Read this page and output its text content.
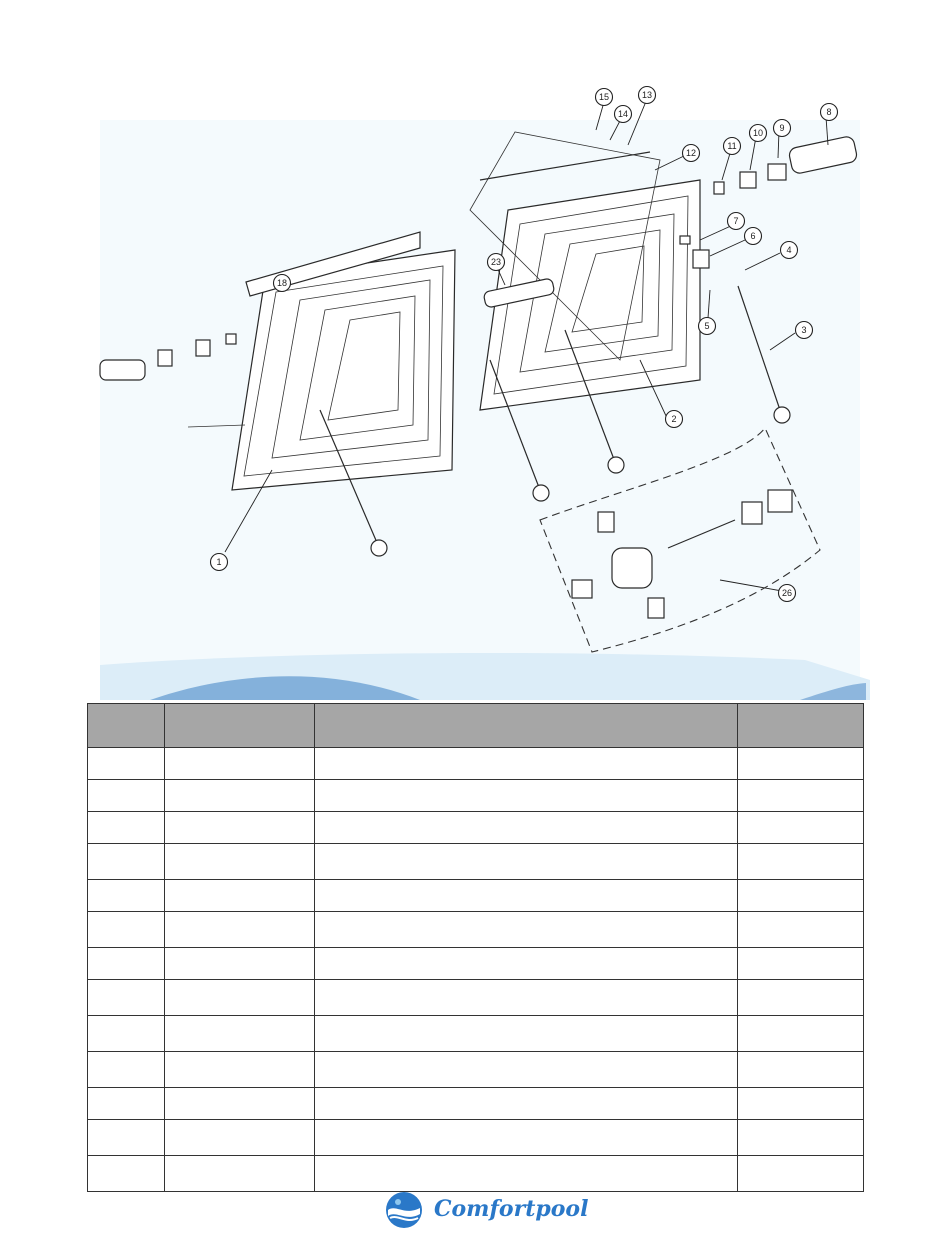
1
2
3
4
5
6
7
8
9
10
11
12
13
14
15
18
23
26

Comfortpool
